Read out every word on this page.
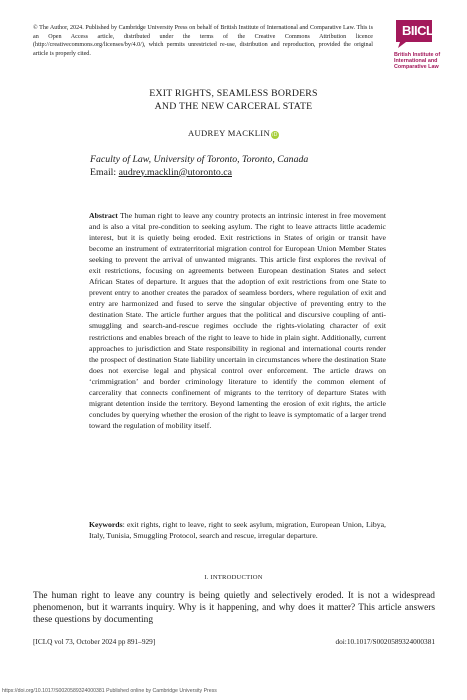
© The Author, 2024. Published by Cambridge University Press on behalf of British Institute of International and Comparative Law. This is an Open Access article, distributed under the terms of the Creative Commons Attribution licence (http://creativecommons.org/licenses/by/4.0/), which permits unrestricted re-use, distribution and reproduction, provided the original article is properly cited.
BIICL
British Institute of
International and
Comparative Law
EXIT RIGHTS, SEAMLESS BORDERS
AND THE NEW CARCERAL STATE
AUDREY MACKLIN iD
Faculty of Law, University of Toronto, Toronto, Canada
Email: audrey.macklin@utoronto.ca
Abstract The human right to leave any country protects an intrinsic interest in free movement and is also a vital pre-condition to seeking asylum. The right to leave attracts little academic interest, but it is quietly being eroded. Exit restrictions in States of origin or transit have become an instrument of extraterritorial migration control for European Union Member States seeking to prevent the arrival of unwanted migrants. This article first explores the revival of exit restrictions, focusing on agreements between European destination States and select African States of departure. It argues that the adoption of exit restrictions from one State to prevent entry to another creates the paradox of seamless borders, where regulation of exit and entry are harmonized and fused to serve the singular objective of preventing entry to the destination State. The article further argues that the political and discursive coupling of anti-smuggling and search-and-rescue regimes occlude the rights-violating character of exit restrictions and enables breach of the right to leave to hide in plain sight. Additionally, current approaches to jurisdiction and State responsibility in regional and international courts render the prospect of destination State liability uncertain in circumstances where the destination State does not exercise legal and physical control over enforcement. The article draws on ‘crimmigration’ and border criminology literature to identify the common element of carcerality that connects confinement of migrants to the territory of departure States with migrant detention inside the territory. Beyond lamenting the erosion of exit rights, the article concludes by querying whether the erosion of the right to leave is symptomatic of a larger trend toward the regulation of mobility itself.
Keywords: exit rights, right to leave, right to seek asylum, migration, European Union, Libya, Italy, Tunisia, Smuggling Protocol, search and rescue, irregular departure.
I. INTRODUCTION
The human right to leave any country is being quietly and selectively eroded. It is not a widespread phenomenon, but it warrants inquiry. Why is it happening, and why does it matter? This article answers these questions by documenting
[ICLQ vol 73, October 2024 pp 891–929]	doi:10.1017/S0020589324000381
https://doi.org/10.1017/S0020589324000381 Published online by Cambridge University Press
